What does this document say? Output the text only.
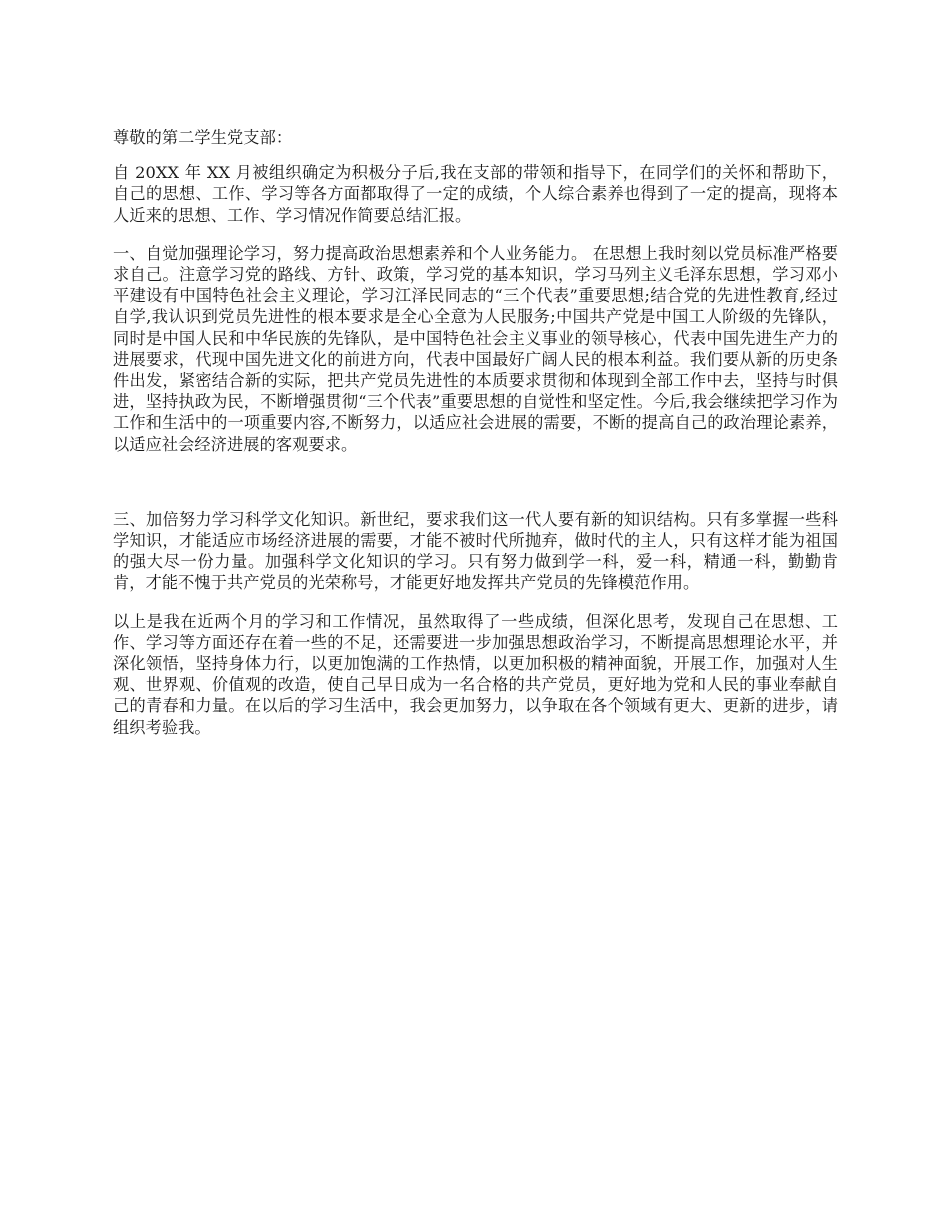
尊敬的第二学生党支部：

自 20XX 年 XX 月被组织确定为积极分子后,我在支部的带领和指导下，在同学们的关怀和帮助下，自己的思想、工作、学习等各方面都取得了一定的成绩，个人综合素养也得到了一定的提高，现将本人近来的思想、工作、学习情况作简要总结汇报。

一、自觉加强理论学习，努力提高政治思想素养和个人业务能力。 在思想上我时刻以党员标准严格要求自己。注意学习党的路线、方针、政策，学习党的基本知识，学习马列主义毛泽东思想，学习邓小平建设有中国特色社会主义理论，学习江泽民同志的“三个代表”重要思想;结合党的先进性教育,经过自学,我认识到党员先进性的根本要求是全心全意为人民服务;中国共产党是中国工人阶级的先锋队，同时是中国人民和中华民族的先锋队，是中国特色社会主义事业的领导核心，代表中国先进生产力的进展要求，代现中国先进文化的前进方向，代表中国最好广阔人民的根本利益。我们要从新的历史条件出发，紧密结合新的实际，把共产党员先进性的本质要求贯彻和体现到全部工作中去，坚持与时俱进，坚持执政为民，不断增强贯彻“三个代表”重要思想的自觉性和坚定性。今后,我会继续把学习作为工作和生活中的一项重要内容,不断努力，以适应社会进展的需要，不断的提高自己的政治理论素养，以适应社会经济进展的客观要求。

三、加倍努力学习科学文化知识。新世纪，要求我们这一代人要有新的知识结构。只有多掌握一些科学知识，才能适应市场经济进展的需要，才能不被时代所抛弃，做时代的主人，只有这样才能为祖国的强大尽一份力量。加强科学文化知识的学习。只有努力做到学一科，爱一科，精通一科，勤勤肯肯，才能不愧于共产党员的光荣称号，才能更好地发挥共产党员的先锋模范作用。

以上是我在近两个月的学习和工作情况，虽然取得了一些成绩，但深化思考，发现自己在思想、工作、学习等方面还存在着一些的不足，还需要进一步加强思想政治学习，不断提高思想理论水平，并深化领悟，坚持身体力行，以更加饱满的工作热情，以更加积极的精神面貌，开展工作，加强对人生观、世界观、价值观的改造，使自己早日成为一名合格的共产党员，更好地为党和人民的事业奉献自己的青春和力量。在以后的学习生活中，我会更加努力，以争取在各个领域有更大、更新的进步，请组织考验我。
